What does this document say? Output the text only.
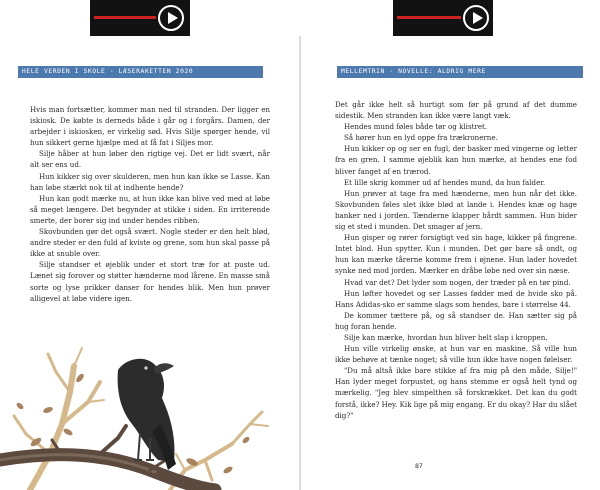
HELE VERDEN I SKOLE · LÆSERAKETTEN 2020

Hvis man fortsætter, kommer man ned til stranden. Der ligger en iskiosk. De købte is derneds både i går og i forgårs. Damen, der arbejder i iskiosken, er virkelig sød. Hvis Silje spørger hende, vil hun sikkert gerne hjælpe med at få fat i Siljes mor.

Silje håber at hun løber den rigtige vej. Det er lidt svært, når alt ser ens ud.

Hun kikker sig over skulderen, men hun kan ikke se Lasse. Kan han løbe stærkt nok til at indhente hende?

Hun kan godt mærke nu, at hun ikke kan blive ved med at løbe så meget længere. Det begynder at stikke i siden. En irriterende smerte, der borer sig ind under hendes ribben.

Skovbunden gør det også svært. Nogle steder er den helt blød, andre steder er den fuld af kviste og grene, som hun skal passe på ikke at snuble over.

Silje standser et øjeblik under et stort træ for at puste ud. Lænet sig forover og støtter hænderne mod lårene. En masse små sorte og lyse prikker danser for hendes blik. Men hun prøver alligevel at løbe videre igen.

MELLEMTRIN · NOVELLE: ALDRIG MERE

Det går ikke helt så hurtigt som før på grund af det dumme sidestik. Men stranden kan ikke være langt væk.

Hendes mund føles både tør og klistret.

Så hører hun en lyd oppe fra trækronerne.

Hun kikker op og ser en fugl, der basker med vingerne og letter fra en gren. I samme øjeblik kan hun mærke, at hendes ene fod bliver fanget af en trærod.

Et lille skrig kommer ud af hendes mund, da hun falder.

Hun prøver at tage fra med hænderne, men hun når det ikke. Skovbunden føles slet ikke blød at lande i. Hendes knæ og hage banker ned i jorden. Tænderne klapper hårdt sammen. Hun bider sig et sted i munden. Det smager af jern.

Hun gisper og rører forsigtigt ved sin hage, kikker på fingrene. Intet blod. Hun spytter. Kun i munden. Det gør bare så ondt, og hun kan mærke tårerne komme frem i øjnene. Hun lader hovedet synke ned mod jorden. Mærker en dråbe løbe ned over sin næse.

Hvad var det? Det lyder som nogen, der træder på en tør pind.

Hun løfter hovedet og ser Lasses fødder med de hvide sko på. Hans Adidas-sko er samme slags som hendes, bare i størrelse 44.

De kommer tættere på, og så standser de. Han sætter sig på hug foran hende.

Silje kan mærke, hvordan hun bliver helt slap i kroppen.

Hun ville virkelig ønske, at hun var en maskine. Så ville hun ikke behøve at tænke noget; så ville hun ikke have nogen følelser.

"Du må altså ikke bare stikke af fra mig på den måde, Silje!" Han lyder meget forpustet, og hans stemme er også helt tynd og mærkelig. "Jeg blev simpelthen så forskrækket. Det kan du godt forstå, ikke? Hey. Kik lige på mig engang. Er du okay? Har du slået dig?"

87
